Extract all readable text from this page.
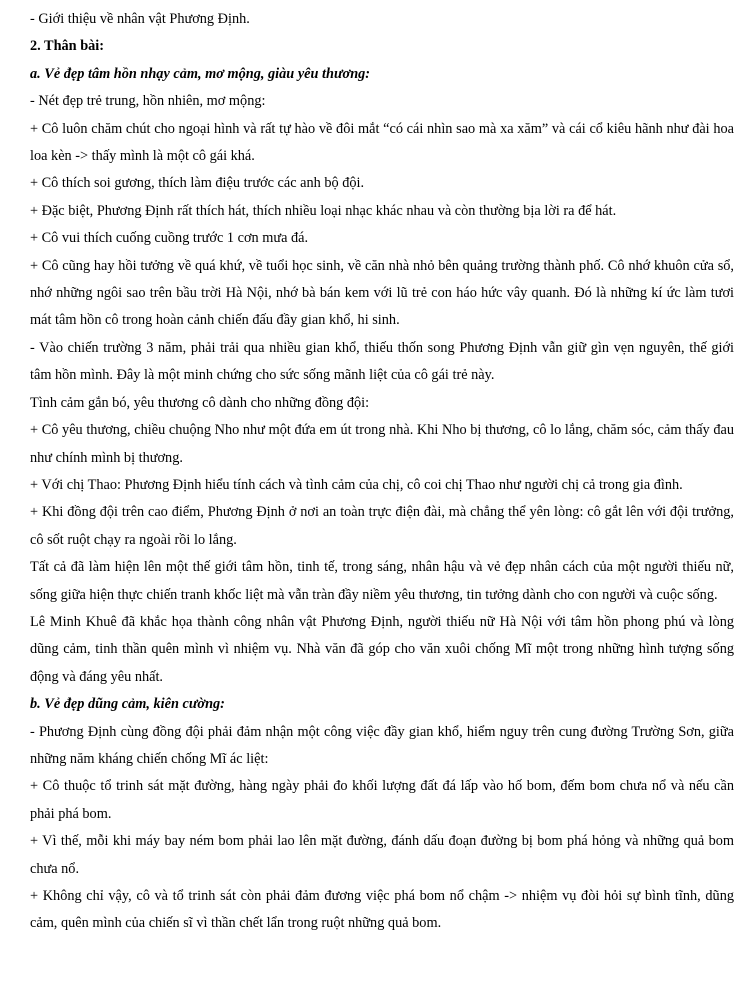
- Giới thiệu về nhân vật Phương Định.

2. Thân bài:

a. Vẻ đẹp tâm hồn nhạy cảm, mơ mộng, giàu yêu thương:

- Nét đẹp trẻ trung, hồn nhiên, mơ mộng:

+ Cô luôn chăm chút cho ngoại hình và rất tự hào về đôi mắt “có cái nhìn sao mà xa xăm” và cái cổ kiêu hãnh như đài hoa loa kèn -> thấy mình là một cô gái khá.

+ Cô thích soi gương, thích làm điệu trước các anh bộ đội.

+ Đặc biệt, Phương Định rất thích hát, thích nhiều loại nhạc khác nhau và còn thường bịa lời ra để hát.

+ Cô vui thích cuống cuồng trước 1 cơn mưa đá.

+ Cô cũng hay hồi tưởng về quá khứ, về tuổi học sinh, về căn nhà nhỏ bên quảng trường thành phố. Cô nhớ khuôn cửa sổ, nhớ những ngôi sao trên bầu trời Hà Nội, nhớ bà bán kem với lũ trẻ con háo hức vây quanh. Đó là những kí ức làm tươi mát tâm hồn cô trong hoàn cảnh chiến đấu đầy gian khổ, hi sinh.

- Vào chiến trường 3 năm, phải trải qua nhiều gian khổ, thiếu thốn song Phương Định vẫn giữ gìn vẹn nguyên, thế giới tâm hồn mình. Đây là một minh chứng cho sức sống mãnh liệt của cô gái trẻ này.

Tình cảm gắn bó, yêu thương cô dành cho những đồng đội:

+ Cô yêu thương, chiều chuộng Nho như một đứa em út trong nhà. Khi Nho bị thương, cô lo lắng, chăm sóc, cảm thấy đau như chính mình bị thương.

+ Với chị Thao: Phương Định hiểu tính cách và tình cảm của chị, cô coi chị Thao như người chị cả trong gia đình.

+ Khi đồng đội trên cao điểm, Phương Định ở nơi an toàn trực điện đài, mà chẳng thể yên lòng: cô gắt lên với đội trưởng, cô sốt ruột chạy ra ngoài rồi lo lắng.

Tất cả đã làm hiện lên một thế giới tâm hồn, tinh tế, trong sáng, nhân hậu và vẻ đẹp nhân cách của một người thiếu nữ, sống giữa hiện thực chiến tranh khốc liệt mà vẫn tràn đầy niềm yêu thương, tin tưởng dành cho con người và cuộc sống.

Lê Minh Khuê đã khắc họa thành công nhân vật Phương Định, người thiếu nữ Hà Nội với tâm hồn phong phú và lòng dũng cảm, tinh thần quên mình vì nhiệm vụ. Nhà văn đã góp cho văn xuôi chống Mĩ một trong những hình tượng sống động và đáng yêu nhất.

b. Vẻ đẹp dũng cảm, kiên cường:

- Phương Định cùng đồng đội phải đảm nhận một công việc đầy gian khổ, hiểm nguy trên cung đường Trường Sơn, giữa những năm kháng chiến chống Mĩ ác liệt:

+ Cô thuộc tổ trinh sát mặt đường, hàng ngày phải đo khối lượng đất đá lấp vào hố bom, đếm bom chưa nổ và nếu cần phải phá bom.

+ Vì thế, mỗi khi máy bay ném bom phải lao lên mặt đường, đánh dấu đoạn đường bị bom phá hỏng và những quả bom chưa nổ.

+ Không chỉ vậy, cô và tổ trinh sát còn phải đảm đương việc phá bom nổ chậm -> nhiệm vụ đòi hỏi sự bình tĩnh, dũng cảm, quên mình của chiến sĩ vì thần chết lẩn trong ruột những quả bom.
